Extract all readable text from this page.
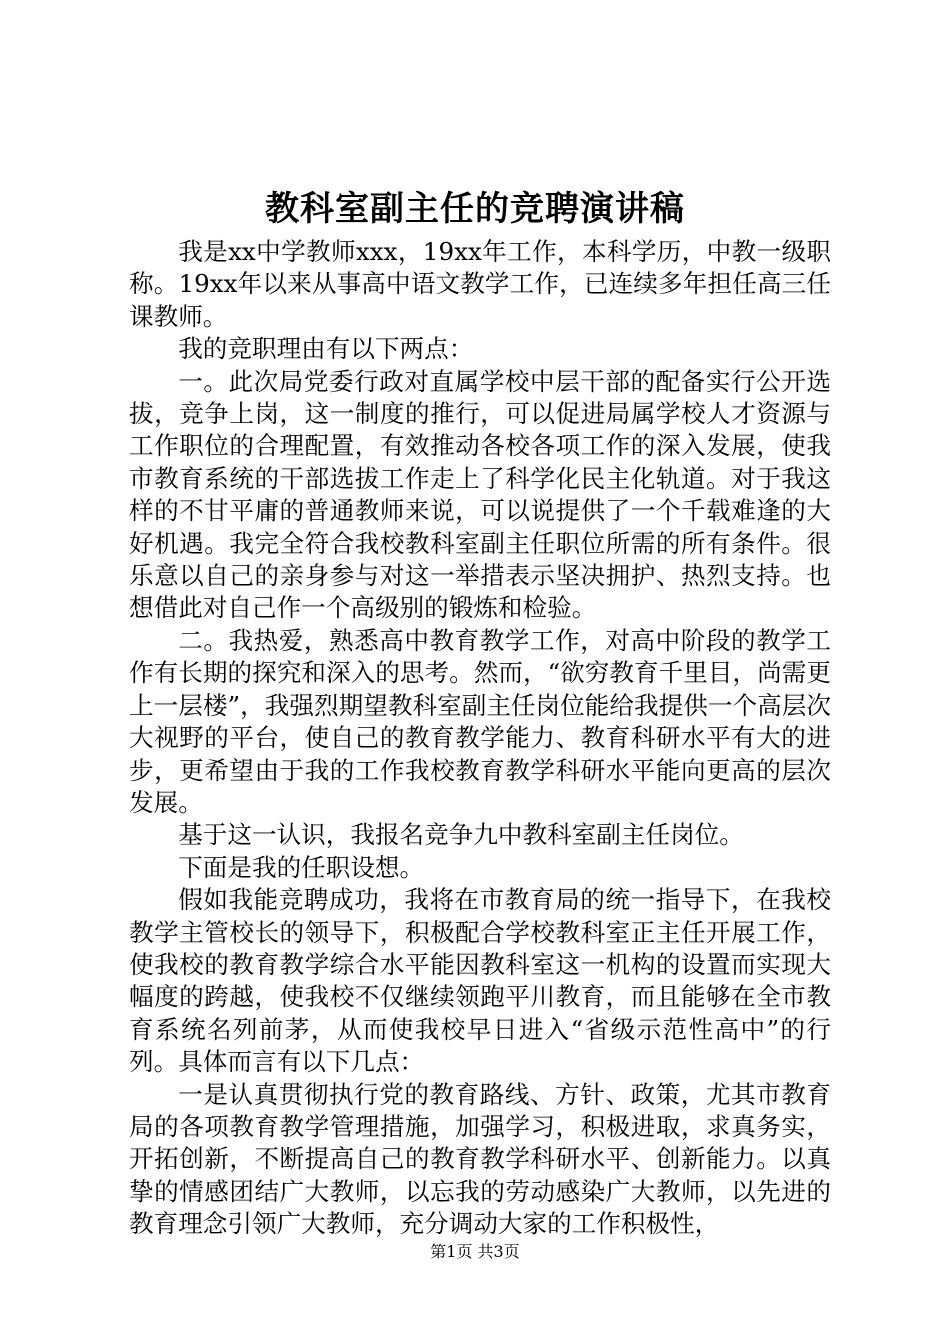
教科室副主任的竞聘演讲稿

我是xx中学教师xxx，19xx年工作，本科学历，中教一级职称。19xx年以来从事高中语文教学工作，已连续多年担任高三任课教师。

我的竞职理由有以下两点：

一。此次局党委行政对直属学校中层干部的配备实行公开选拔，竞争上岗，这一制度的推行，可以促进局属学校人才资源与工作职位的合理配置，有效推动各校各项工作的深入发展，使我市教育系统的干部选拔工作走上了科学化民主化轨道。对于我这样的不甘平庸的普通教师来说，可以说提供了一个千载难逢的大好机遇。我完全符合我校教科室副主任职位所需的所有条件。很乐意以自己的亲身参与对这一举措表示坚决拥护、热烈支持。也想借此对自己作一个高级别的锻炼和检验。

二。我热爱，熟悉高中教育教学工作，对高中阶段的教学工作有长期的探究和深入的思考。然而，“欲穷教育千里目，尚需更上一层楼”，我强烈期望教科室副主任岗位能给我提供一个高层次大视野的平台，使自己的教育教学能力、教育科研水平有大的进步，更希望由于我的工作我校教育教学科研水平能向更高的层次发展。

基于这一认识，我报名竞争九中教科室副主任岗位。

下面是我的任职设想。

假如我能竞聘成功，我将在市教育局的统一指导下，在我校教学主管校长的领导下，积极配合学校教科室正主任开展工作，使我校的教育教学综合水平能因教科室这一机构的设置而实现大幅度的跨越，使我校不仅继续领跑平川教育，而且能够在全市教育系统名列前茅，从而使我校早日进入“省级示范性高中”的行列。具体而言有以下几点：

一是认真贯彻执行党的教育路线、方针、政策，尤其市教育局的各项教育教学管理措施，加强学习，积极进取，求真务实，开拓创新，不断提高自己的教育教学科研水平、创新能力。以真挚的情感团结广大教师，以忘我的劳动感染广大教师，以先进的教育理念引领广大教师，充分调动大家的工作积极性，

第1页 共3页
